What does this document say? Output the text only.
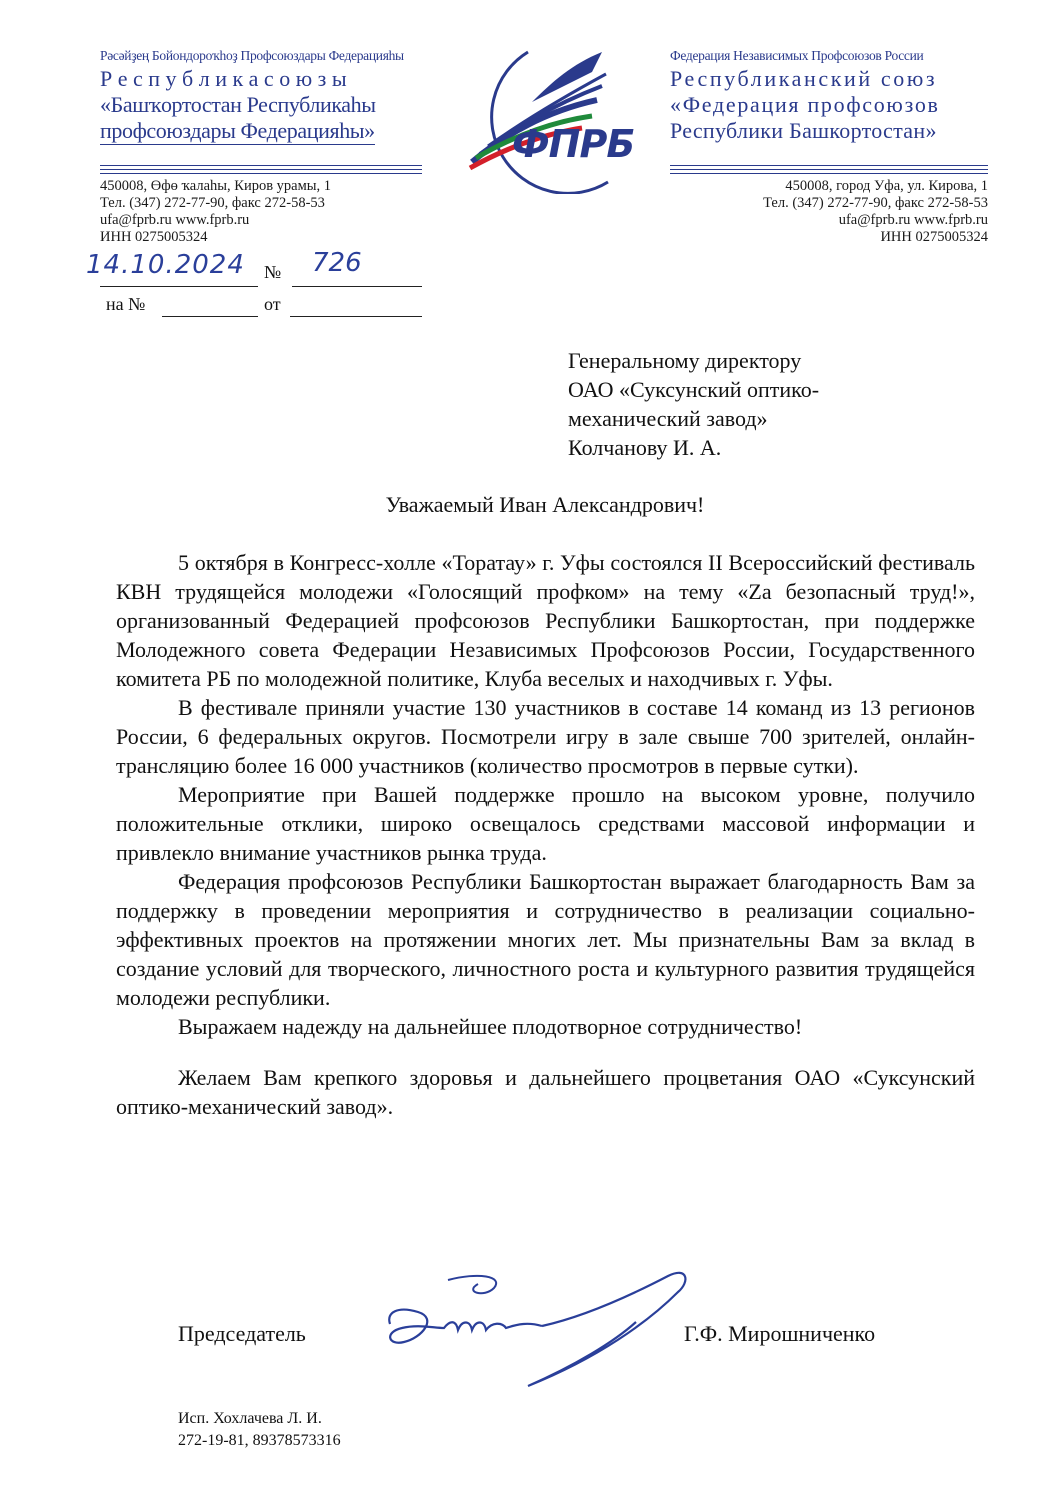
Рәсәйҙең Бойондороҡһоҙ Профсоюздары Федерацияһы
Р е с п у б л и к а с о ю з ы
«Башҡортостан Республикаһы
профсоюздары Федерацияһы»
450008, Өфө ҡалаһы, Киров урамы, 1
Тел. (347) 272-77-90, факс 272-58-53
ufa@fprb.ru www.fprb.ru
ИНН 0275005324
ФПРБ
Федерация Независимых Профсоюзов России
Республиканский союз
«Федерация профсоюзов
Республики Башкортостан»
450008, город Уфа, ул. Кирова, 1
Тел. (347) 272-77-90, факс 272-58-53
ufa@fprb.ru www.fprb.ru
ИНН 0275005324
14.10.2024 № 726
на №	от
Генеральному директору
ОАО «Суксунский оптико-
механический завод»
Колчанову И. А.
Уважаемый Иван Александрович!

5 октября в Конгресс-холле «Торатау» г. Уфы состоялся II Всероссийский фестиваль КВН трудящейся молодежи «Голосящий профком» на тему «Za безопасный труд!», организованный Федерацией профсоюзов Республики Башкортостан, при поддержке Молодежного совета Федерации Независимых Профсоюзов России, Государственного комитета РБ по молодежной политике, Клуба веселых и находчивых г. Уфы.

В фестивале приняли участие 130 участников в составе 14 команд из 13 регионов России, 6 федеральных округов. Посмотрели игру в зале свыше 700 зрителей, онлайн-трансляцию более 16 000 участников (количество просмотров в первые сутки).

Мероприятие при Вашей поддержке прошло на высоком уровне, получило положительные отклики, широко освещалось средствами массовой информации и привлекло внимание участников рынка труда.

Федерация профсоюзов Республики Башкортостан выражает благодарность Вам за поддержку в проведении мероприятия и сотрудничество в реализации социально-эффективных проектов на протяжении многих лет. Мы признательны Вам за вклад в создание условий для творческого, личностного роста и культурного развития трудящейся молодежи республики.

Выражаем надежду на дальнейшее плодотворное сотрудничество!

Желаем Вам крепкого здоровья и дальнейшего процветания ОАО «Суксунский оптико-механический завод».

Председатель	Г.Ф. Мирошниченко
Исп. Хохлачева Л. И.
272-19-81, 89378573316
